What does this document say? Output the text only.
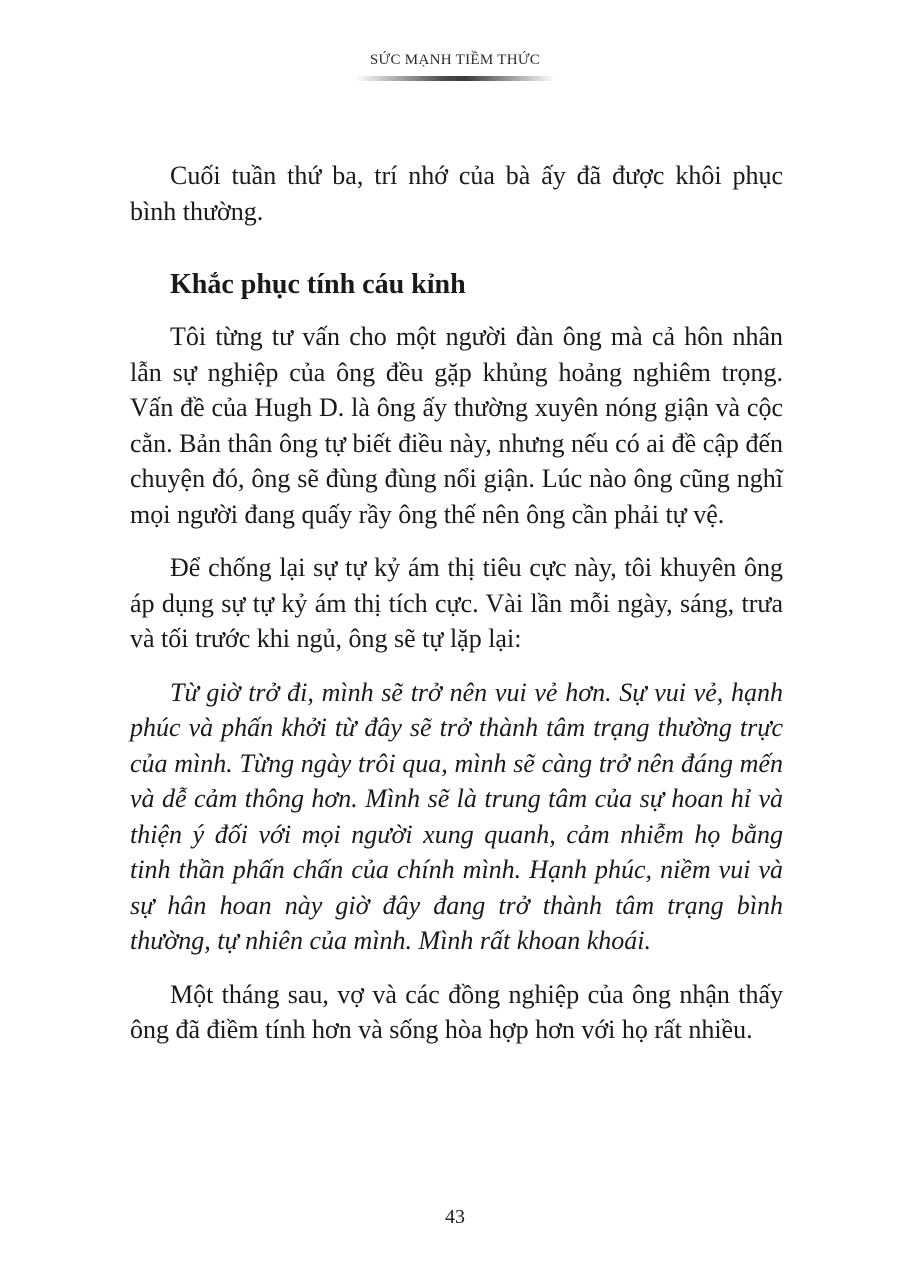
SỨC MẠNH TIỀM THỨC

Cuối tuần thứ ba, trí nhớ của bà ấy đã được khôi phục bình thường.

Khắc phục tính cáu kỉnh

Tôi từng tư vấn cho một người đàn ông mà cả hôn nhân lẫn sự nghiệp của ông đều gặp khủng hoảng nghiêm trọng. Vấn đề của Hugh D. là ông ấy thường xuyên nóng giận và cộc cằn. Bản thân ông tự biết điều này, nhưng nếu có ai đề cập đến chuyện đó, ông sẽ đùng đùng nổi giận. Lúc nào ông cũng nghĩ mọi người đang quấy rầy ông thế nên ông cần phải tự vệ.

Để chống lại sự tự kỷ ám thị tiêu cực này, tôi khuyên ông áp dụng sự tự kỷ ám thị tích cực. Vài lần mỗi ngày, sáng, trưa và tối trước khi ngủ, ông sẽ tự lặp lại:

Từ giờ trở đi, mình sẽ trở nên vui vẻ hơn. Sự vui vẻ, hạnh phúc và phấn khởi từ đây sẽ trở thành tâm trạng thường trực của mình. Từng ngày trôi qua, mình sẽ càng trở nên đáng mến và dễ cảm thông hơn. Mình sẽ là trung tâm của sự hoan hỉ và thiện ý đối với mọi người xung quanh, cảm nhiễm họ bằng tinh thần phấn chấn của chính mình. Hạnh phúc, niềm vui và sự hân hoan này giờ đây đang trở thành tâm trạng bình thường, tự nhiên của mình. Mình rất khoan khoái.

Một tháng sau, vợ và các đồng nghiệp của ông nhận thấy ông đã điềm tính hơn và sống hòa hợp hơn với họ rất nhiều.

43
